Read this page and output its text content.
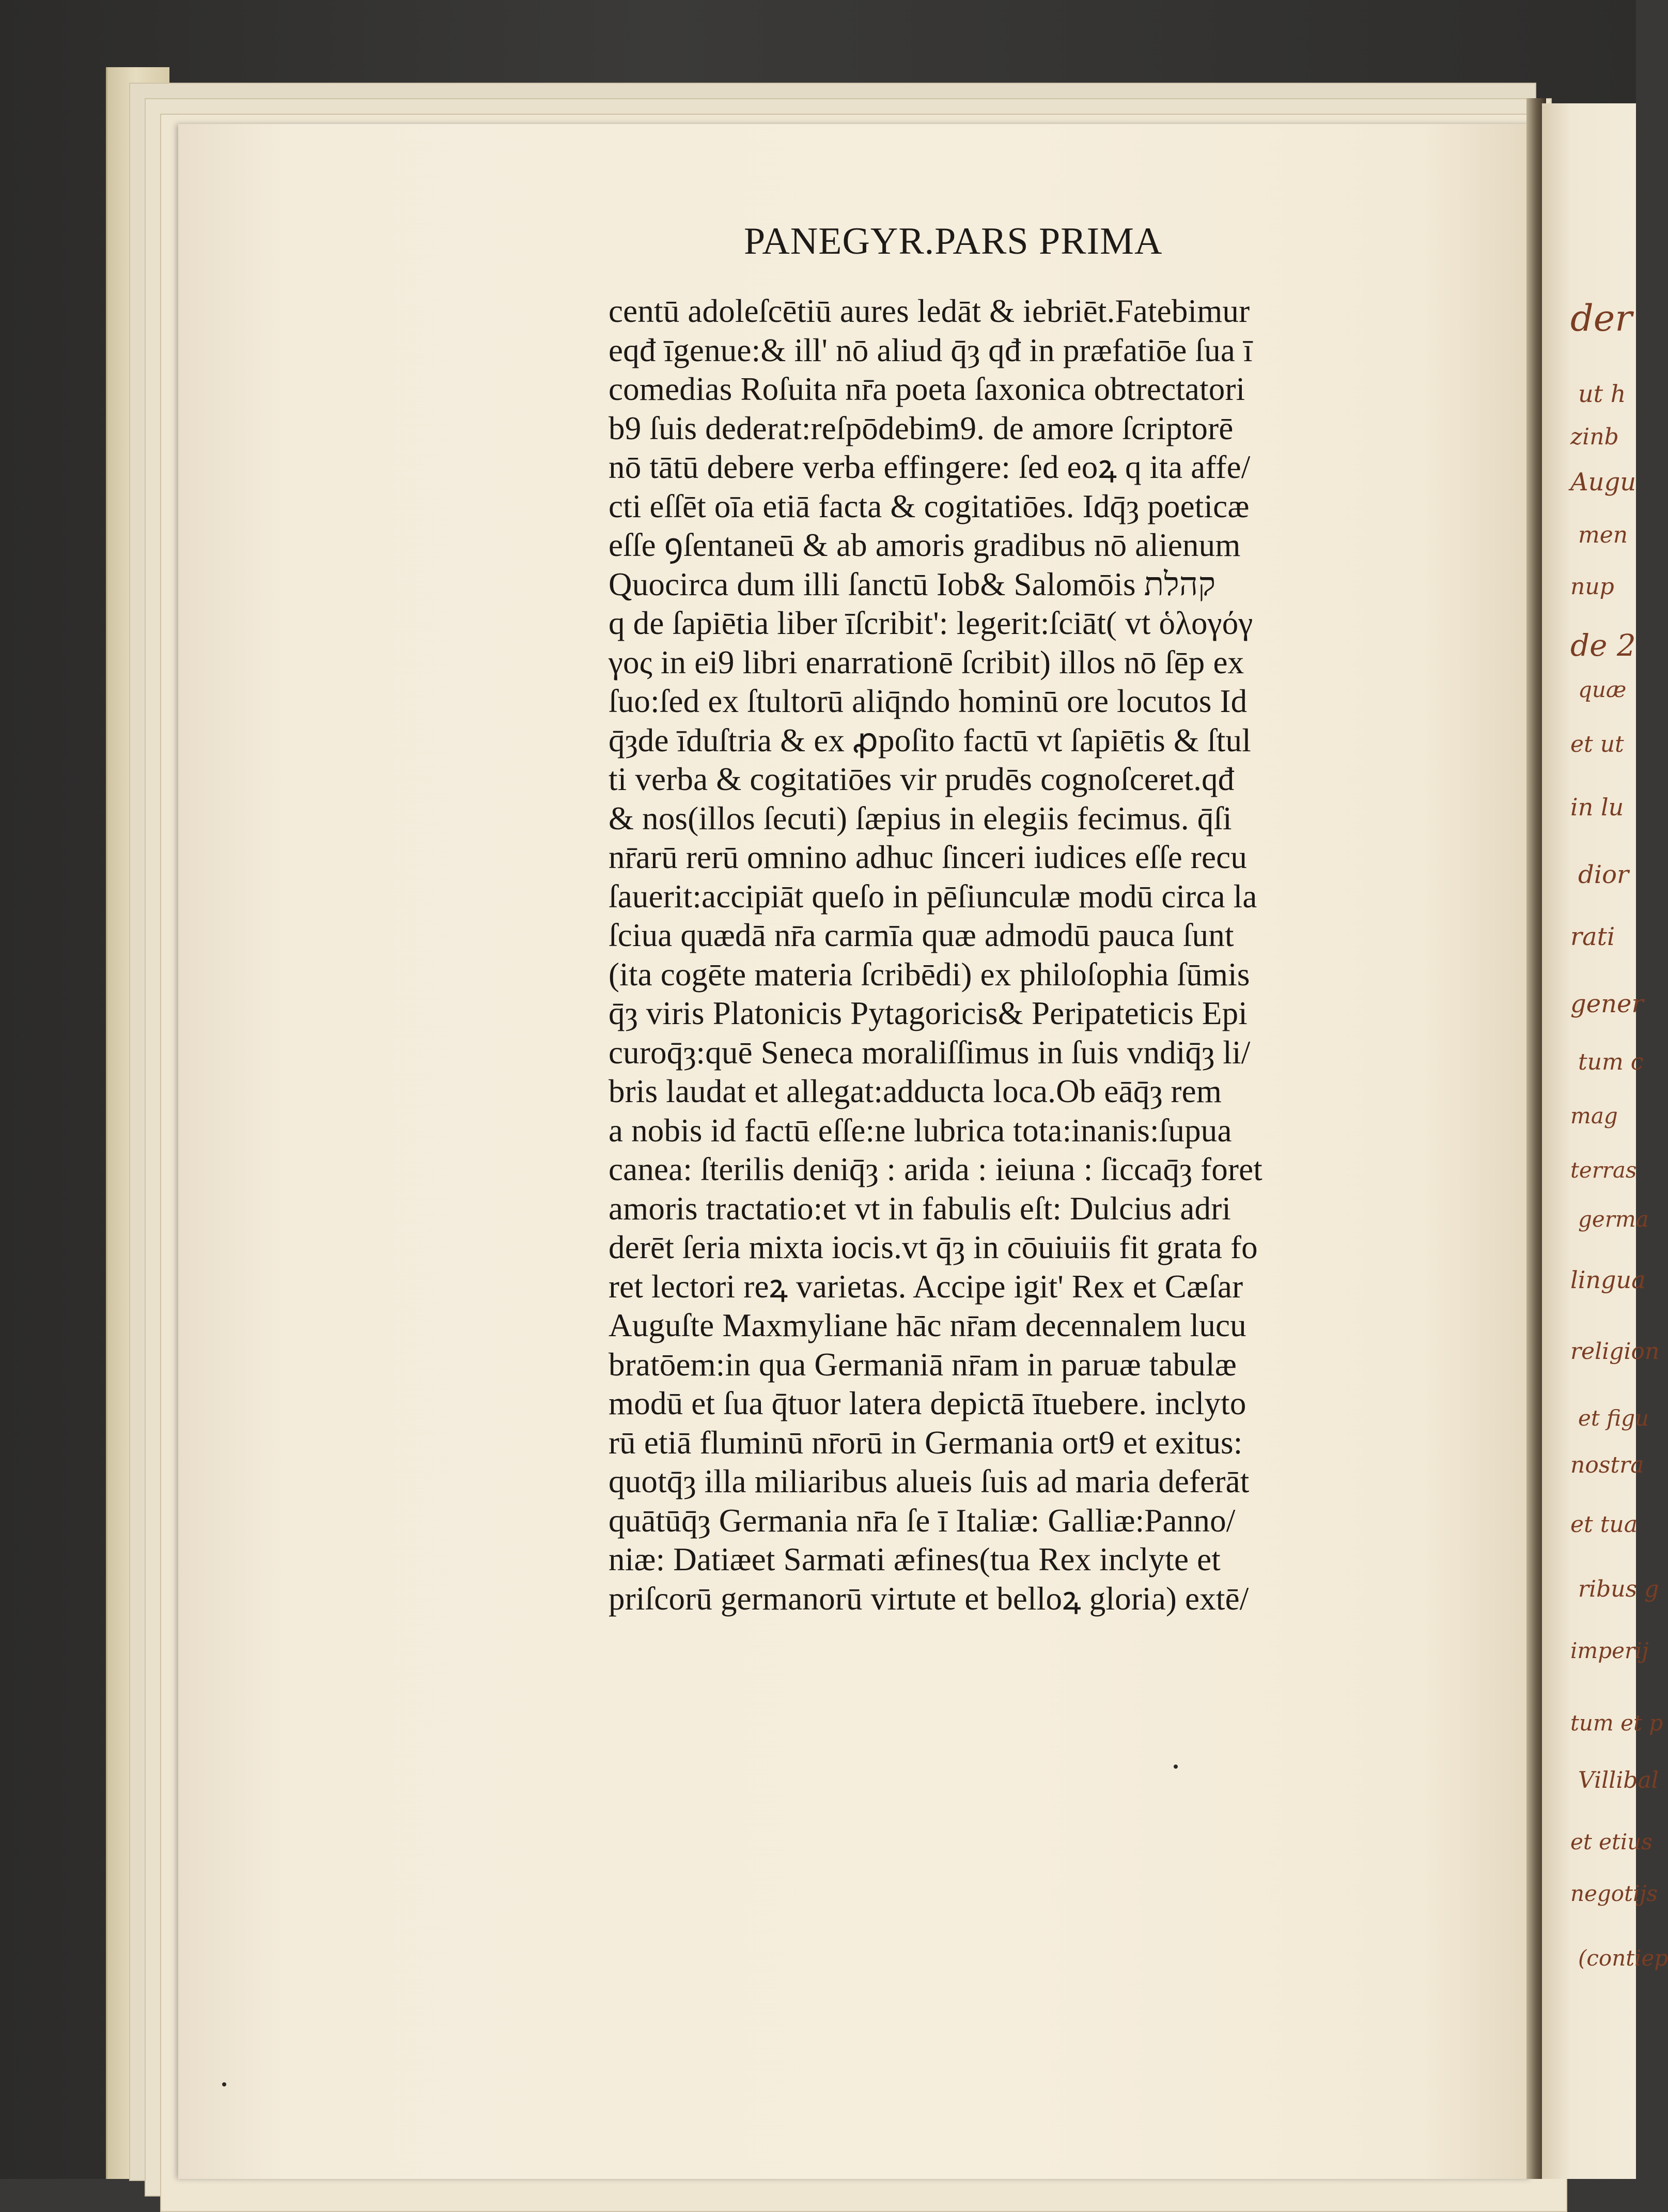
PANEGYR.PARS PRIMA
centū adoleſcētiū aures ledāt & iebriēt.Fatebimur
eqđ īgenue:& ill' nō aliud q̄ȝ qđ in præfatiōe ſua ī
comedias Roſuita nr̄a poeta ſaxonica obtrectatori
b9 ſuis dederat:reſpōdebim9. de amore ſcriptorē
nō tātū debere verba effingere: ſed eoꝝ q ita affe/
cti eſſēt oīa etiā facta & cogitatiōes. Idq̄ȝ poeticæ
eſſe ꝯſentaneū & ab amoris gradibus nō alienum
Quocirca dum illi ſanctū Iob& Salomōis קהלת
q de ſapiētia liber īſcribit': legerit:ſciāt( vt ὁλογόγ
γος in ei9 libri enarrationē ſcribit) illos nō ſēp ex
ſuo:ſed ex ſtultorū aliq̄ndo hominū ore locutos Id
q̄ȝde īduſtria & ex ꝓpoſito factū vt ſapiētis & ſtul
ti verba & cogitatiōes vir prudēs cognoſceret.qđ
& nos(illos ſecuti) ſæpius in elegiis fecimus. q̄ſi
nr̄arū rerū omnino adhuc ſinceri iudices eſſe recu
ſauerit:accipiāt queſo in pēſiunculæ modū circa la
ſciua quædā nr̄a carmīa quæ admodū pauca ſunt
(ita cogēte materia ſcribēdi) ex philoſophia ſūmis
q̄ȝ viris Platonicis Pytagoricis& Peripateticis Epi
curoq̄ȝ:quē Seneca moraliſſimus in ſuis vndiq̄ȝ li/
bris laudat et allegat:adducta loca.Ob eāq̄ȝ rem
a nobis id factū eſſe:ne lubrica tota:inanis:ſupua
canea: ſterilis deniq̄ȝ : arida : ieiuna : ſiccaq̄ȝ foret
amoris tractatio:et vt in fabulis eſt: Dulcius adri
derēt ſeria mixta iocis.vt q̄ȝ in cōuiuiis fit grata fo
ret lectori reꝝ varietas. Accipe igit' Rex et Cæſar
Auguſte Maxmyliane hāc nr̄am decennalem lucu
bratōem:in qua Germaniā nr̄am in paruæ tabulæ
modū et ſua q̄tuor latera depictā ītuebere. inclyto
rū etiā fluminū nr̄orū in Germania ort9 et exitus:
quotq̄ȝ illa miliaribus alueis ſuis ad maria deferāt
quātūq̄ȝ Germania nr̄a ſe ī Italiæ: Galliæ:Panno/
niæ: Datiæet Sarmati æfines(tua Rex inclyte et
priſcorū germanorū virtute et belloꝝ gloria) extē/
der
ut h
zinb
Augu
men
nup
de 2
quæ
et ut
in lu
dior
rati
gener
tum c
mag
terras
germa
lingua
religion
et figu
nostra
et tua
ribus g
imperij
tum et p
Villibal
et etius
negotijs
(contiep
